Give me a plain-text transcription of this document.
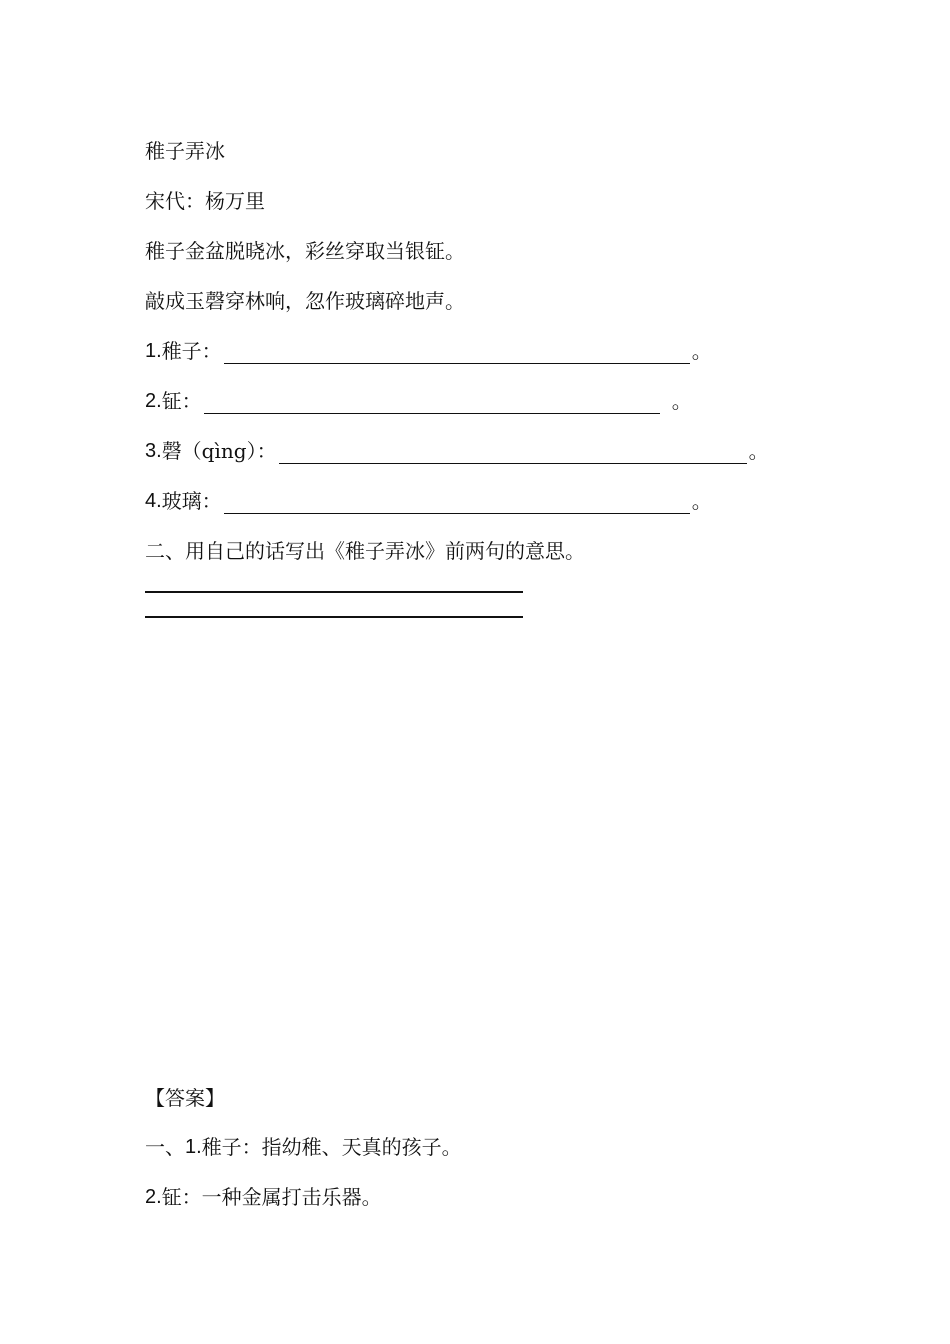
稚子弄冰
宋代：杨万里
稚子金盆脱晓冰，彩丝穿取当银钲。
敲成玉磬穿林响，忽作玻璃碎地声。
1. 稚子：	。
2. 钲：	。
3. 磬（qìng）：	。
4. 玻璃：	。
二、用自己的话写出《稚子弄冰》前两句的意思。
【答案】
一、 1. 稚子：指幼稚、天真的孩子。
2. 钲：一种金属打击乐器。
